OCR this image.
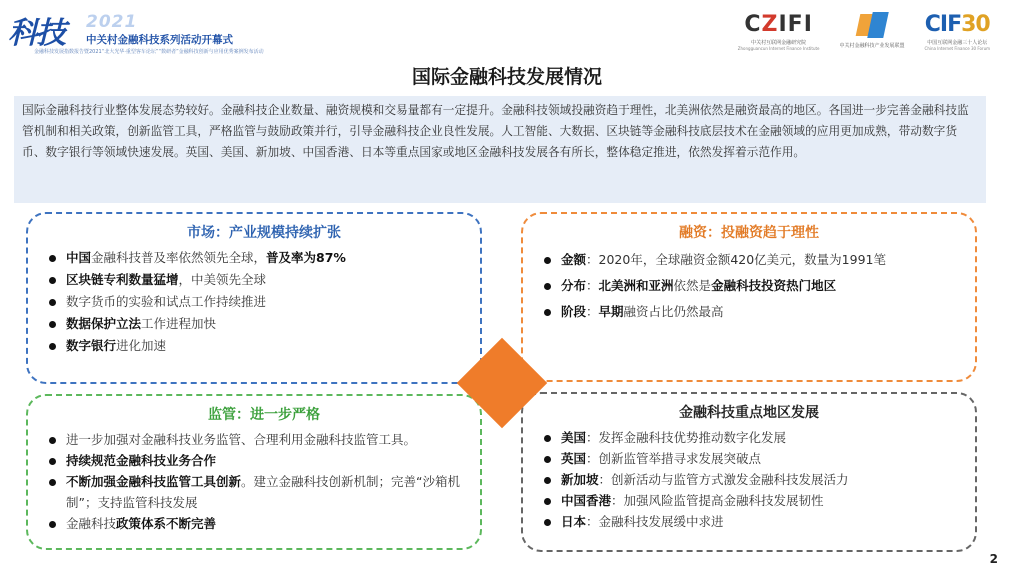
科技 2021
中关村金融科技系列活动开幕式
金融科技发展指数报告暨2021“北大光华·重型客车论坛”“数研者”金融科技创新与应用优秀案例发布活动
CZIFI
中关村互联网金融研究院
Zhongguancun Internet Finance Institute	中关村金融科技产业发展联盟
CIF30
中国互联网金融三十人论坛
China Internet Finance 30 Forum
国际金融科技发展情况
国际金融科技行业整体发展态势较好。金融科技企业数量、融资规模和交易量都有一定提升。金融科技领域投融资趋于理性，北美洲依然是融资最高的地区。各国进一步完善金融科技监管机制和相关政策，创新监管工具，严格监管与鼓励政策并行，引导金融科技企业良性发展。人工智能、大数据、区块链等金融科技底层技术在金融领域的应用更加成熟，带动数字货币、数字银行等领域快速发展。英国、美国、新加坡、中国香港、日本等重点国家或地区金融科技发展各有所长，整体稳定推进，依然发挥着示范作用。
市场：产业规模持续扩张
中国金融科技普及率依然领先全球，普及率为87%
区块链专利数量猛增，中美领先全球
数字货币的实验和试点工作持续推进
数据保护立法工作进程加快
数字银行进化加速
融资：投融资趋于理性
金额：2020年，全球融资金额420亿美元，数量为1991笔
分布：北美洲和亚洲依然是金融科技投资热门地区
阶段：早期融资占比仍然最高
监管：进一步严格
进一步加强对金融科技业务监管、合理利用金融科技监管工具。
持续规范金融科技业务合作
不断加强金融科技监管工具创新。建立金融科技创新机制；完善“沙箱机制”；支持监管科技发展
金融科技政策体系不断完善
金融科技重点地区发展
美国：发挥金融科技优势推动数字化发展
英国：创新监管举措寻求发展突破点
新加坡：创新活动与监管方式激发金融科技发展活力
中国香港：加强风险监管提高金融科技发展韧性
日本：金融科技发展缓中求进
2
